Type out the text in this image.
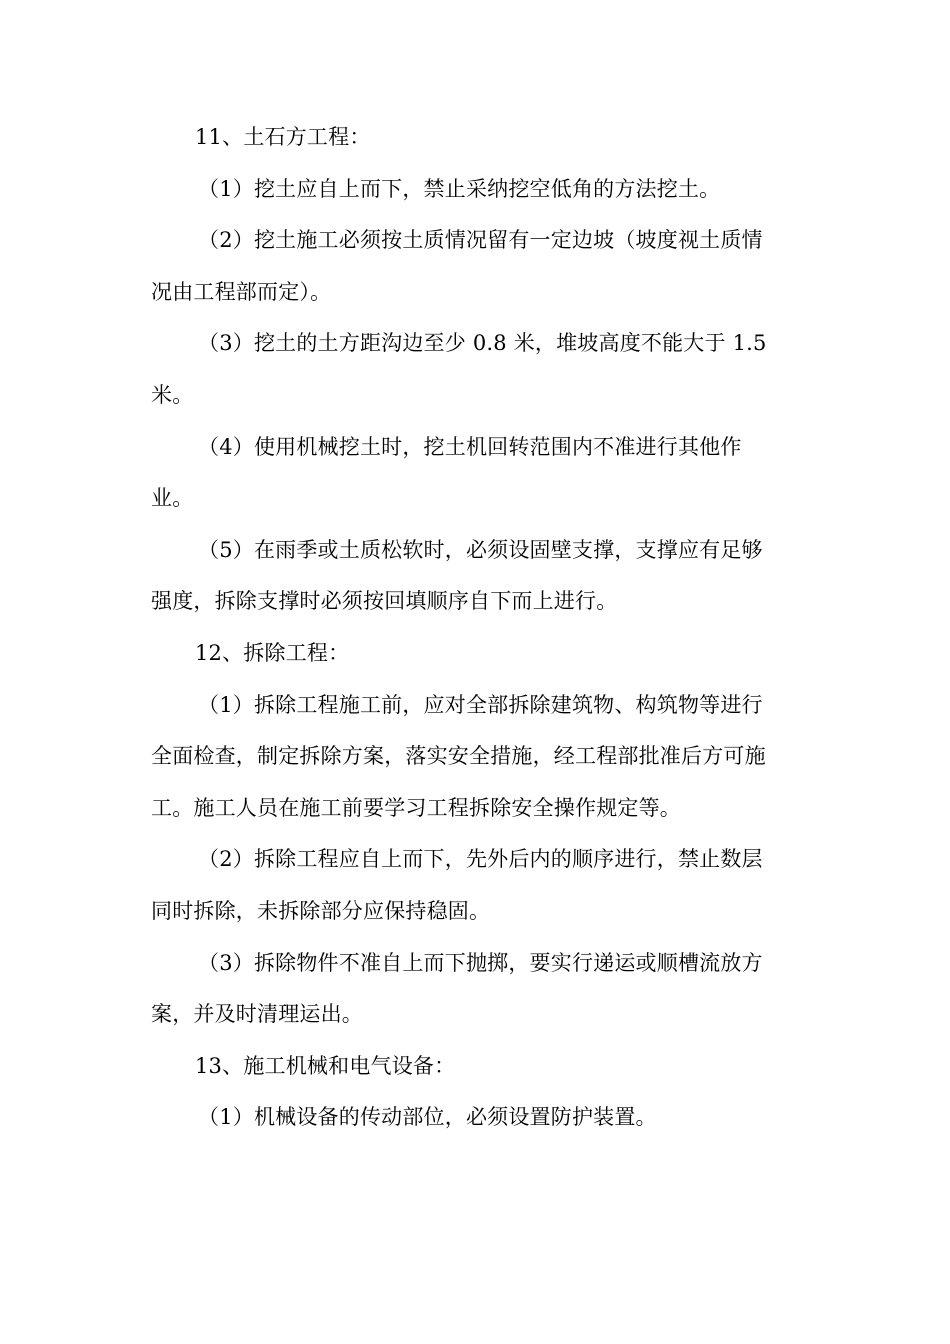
11、土石方工程：

（1）挖土应自上而下，禁止采纳挖空低角的方法挖土。

（2）挖土施工必须按土质情况留有一定边坡（坡度视土质情
况由工程部而定）。

（3）挖土的土方距沟边至少 0.8 米，堆坡高度不能大于 1.5
米。

（4）使用机械挖土时，挖土机回转范围内不准进行其他作
业。

（5）在雨季或土质松软时，必须设固壁支撑，支撑应有足够
强度，拆除支撑时必须按回填顺序自下而上进行。

12、拆除工程：

（1）拆除工程施工前，应对全部拆除建筑物、构筑物等进行
全面检查，制定拆除方案，落实安全措施，经工程部批准后方可施
工。施工人员在施工前要学习工程拆除安全操作规定等。

（2）拆除工程应自上而下，先外后内的顺序进行，禁止数层
同时拆除，未拆除部分应保持稳固。

（3）拆除物件不准自上而下抛掷，要实行递运或顺槽流放方
案，并及时清理运出。

13、施工机械和电气设备：

（1）机械设备的传动部位，必须设置防护装置。
